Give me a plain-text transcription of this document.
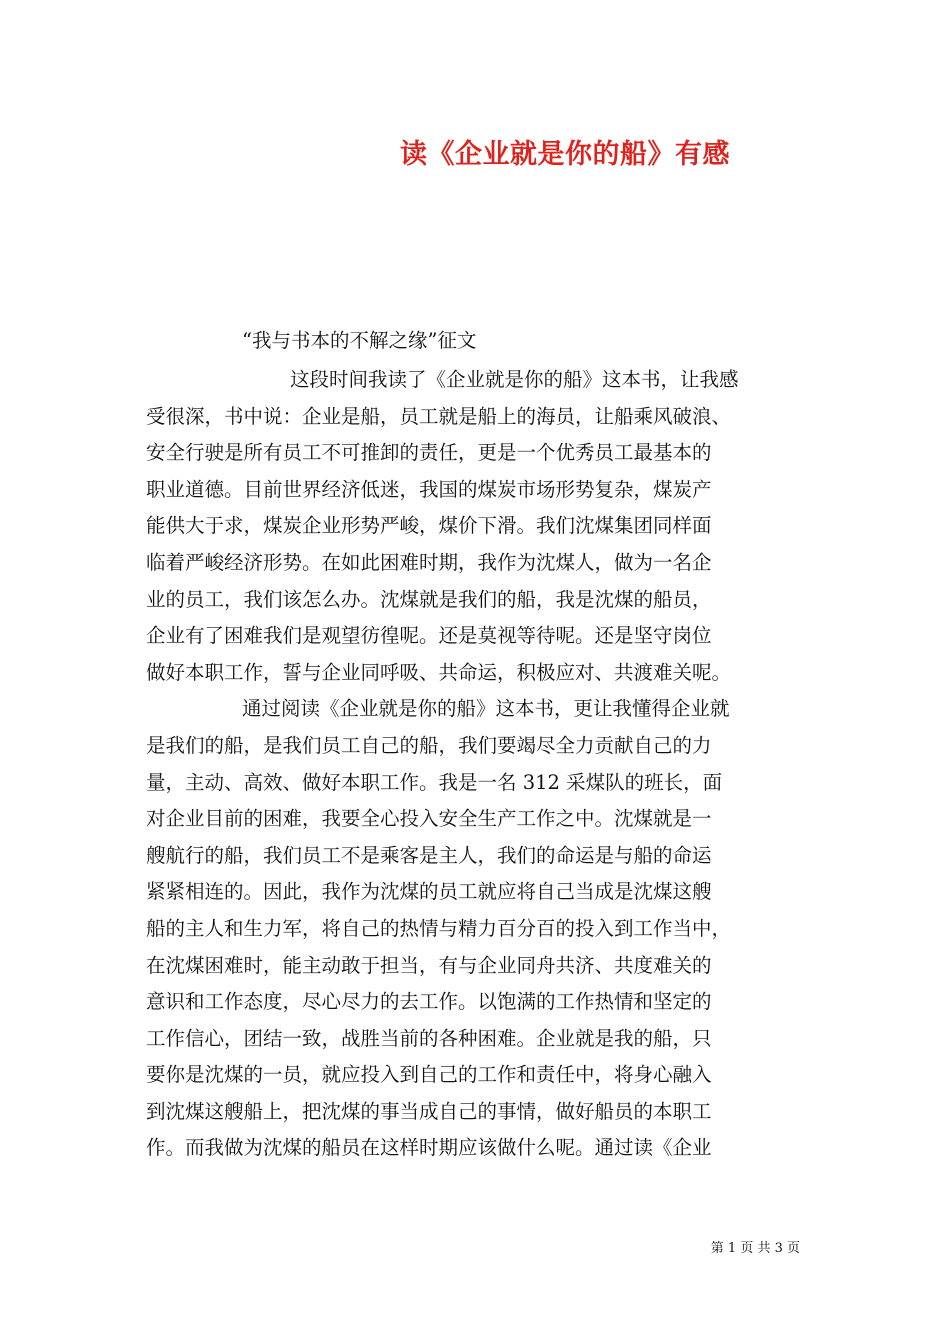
读《企业就是你的船》有感

“我与书本的不解之缘”征文

这段时间我读了《企业就是你的船》这本书，让我感
受很深，书中说：企业是船，员工就是船上的海员，让船乘风破浪、
安全行驶是所有员工不可推卸的责任，更是一个优秀员工最基本的
职业道德。目前世界经济低迷，我国的煤炭市场形势复杂，煤炭产
能供大于求，煤炭企业形势严峻，煤价下滑。我们沈煤集团同样面
临着严峻经济形势。在如此困难时期，我作为沈煤人，做为一名企
业的员工，我们该怎么办。沈煤就是我们的船，我是沈煤的船员，
企业有了困难我们是观望彷徨呢。还是莫视等待呢。还是坚守岗位
做好本职工作，誓与企业同呼吸、共命运，积极应对、共渡难关呢。
通过阅读《企业就是你的船》这本书，更让我懂得企业就
是我们的船，是我们员工自己的船，我们要竭尽全力贡献自己的力
量，主动、高效、做好本职工作。我是一名 312 采煤队的班长，面
对企业目前的困难，我要全心投入安全生产工作之中。沈煤就是一
艘航行的船，我们员工不是乘客是主人，我们的命运是与船的命运
紧紧相连的。因此，我作为沈煤的员工就应将自己当成是沈煤这艘
船的主人和生力军，将自己的热情与精力百分百的投入到工作当中，
在沈煤困难时，能主动敢于担当，有与企业同舟共济、共度难关的
意识和工作态度，尽心尽力的去工作。以饱满的工作热情和坚定的
工作信心，团结一致，战胜当前的各种困难。企业就是我的船，只
要你是沈煤的一员，就应投入到自己的工作和责任中，将身心融入
到沈煤这艘船上，把沈煤的事当成自己的事情，做好船员的本职工
作。而我做为沈煤的船员在这样时期应该做什么呢。通过读《企业

第 1 页 共 3 页
